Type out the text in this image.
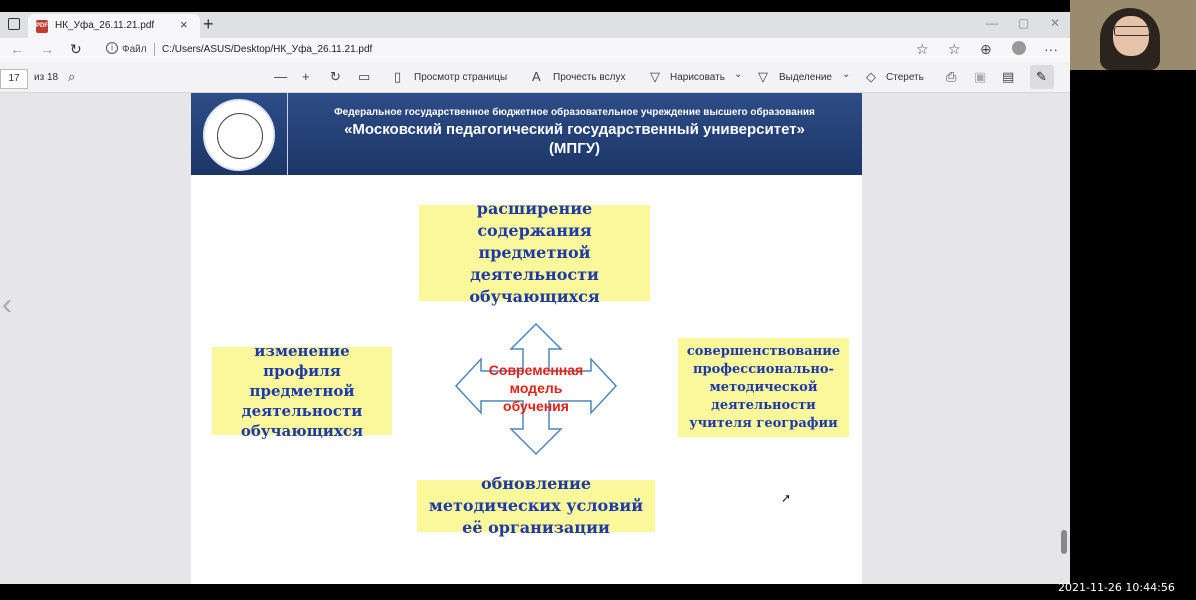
PDF НК_Уфа_26.11.21.pdf × +	— ▢ ✕
← → ↻	i Файл C:/Users/ASUS/Desktop/НК_Уфа_26.11.21.pdf	☆ ☆ ⊕	···
17	из 18 ⌕	— + ↻ ▭ ▯ Просмотр страницы A Прочесть вслух ▽ Нарисовать ⌄ ▽ Выделение ⌄ ◇ Стереть ⎙ ▣ ▤ ✎
‹
Федеральное государственное бюджетное образовательное учреждение высшего образования
«Московский педагогический государственный университет»
(МПГУ)
расширение содержания предметной деятельности обучающихся
изменение профиля предметной деятельности обучающихся
совершенствование профессионально-методической деятельности учителя географии
обновление методических условий её организации
Современная модель обучения
➚
2021-11-26 10:44:56
